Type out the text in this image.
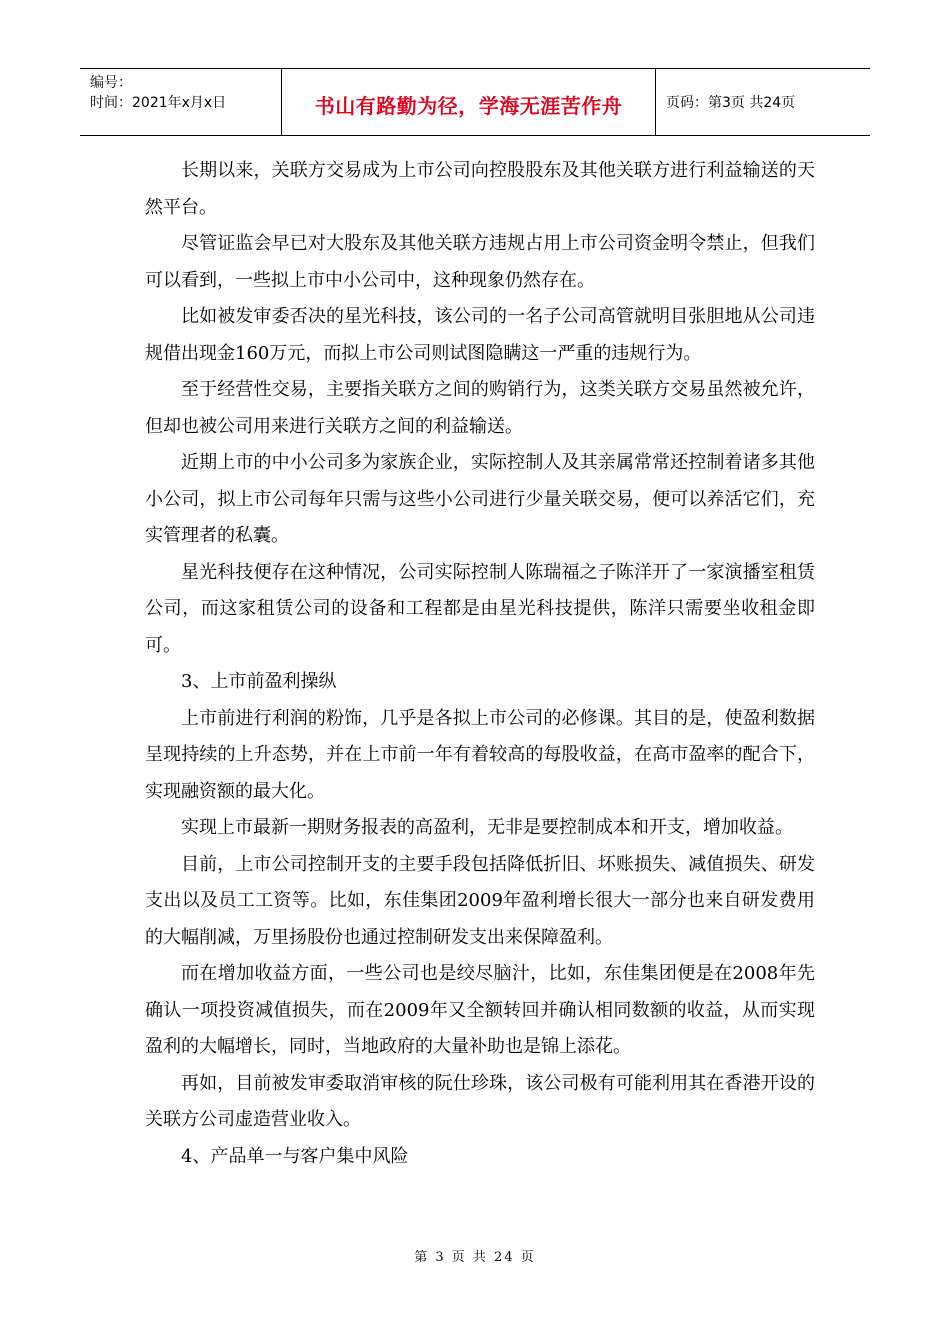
编号：
时间：2021年x月x日	书山有路勤为径，学海无涯苦作舟	页码：第3页 共24页

长期以来，关联方交易成为上市公司向控股股东及其他关联方进行利益输送的天然平台。

尽管证监会早已对大股东及其他关联方违规占用上市公司资金明令禁止，但我们可以看到，一些拟上市中小公司中，这种现象仍然存在。

比如被发审委否决的星光科技，该公司的一名子公司高管就明目张胆地从公司违规借出现金160万元，而拟上市公司则试图隐瞒这一严重的违规行为。

至于经营性交易，主要指关联方之间的购销行为，这类关联方交易虽然被允许，但却也被公司用来进行关联方之间的利益输送。

近期上市的中小公司多为家族企业，实际控制人及其亲属常常还控制着诸多其他小公司，拟上市公司每年只需与这些小公司进行少量关联交易，便可以养活它们，充实管理者的私囊。

星光科技便存在这种情况，公司实际控制人陈瑞福之子陈洋开了一家演播室租赁公司，而这家租赁公司的设备和工程都是由星光科技提供，陈洋只需要坐收租金即可。

3、上市前盈利操纵

上市前进行利润的粉饰，几乎是各拟上市公司的必修课。其目的是，使盈利数据呈现持续的上升态势，并在上市前一年有着较高的每股收益，在高市盈率的配合下，实现融资额的最大化。

实现上市最新一期财务报表的高盈利，无非是要控制成本和开支，增加收益。

目前，上市公司控制开支的主要手段包括降低折旧、坏账损失、减值损失、研发支出以及员工工资等。比如，东佳集团2009年盈利增长很大一部分也来自研发费用的大幅削减，万里扬股份也通过控制研发支出来保障盈利。

而在增加收益方面，一些公司也是绞尽脑汁，比如，东佳集团便是在2008年先确认一项投资减值损失，而在2009年又全额转回并确认相同数额的收益，从而实现盈利的大幅增长，同时，当地政府的大量补助也是锦上添花。

再如，目前被发审委取消审核的阮仕珍珠，该公司极有可能利用其在香港开设的关联方公司虚造营业收入。

4、产品单一与客户集中风险

第 3 页 共 24 页
